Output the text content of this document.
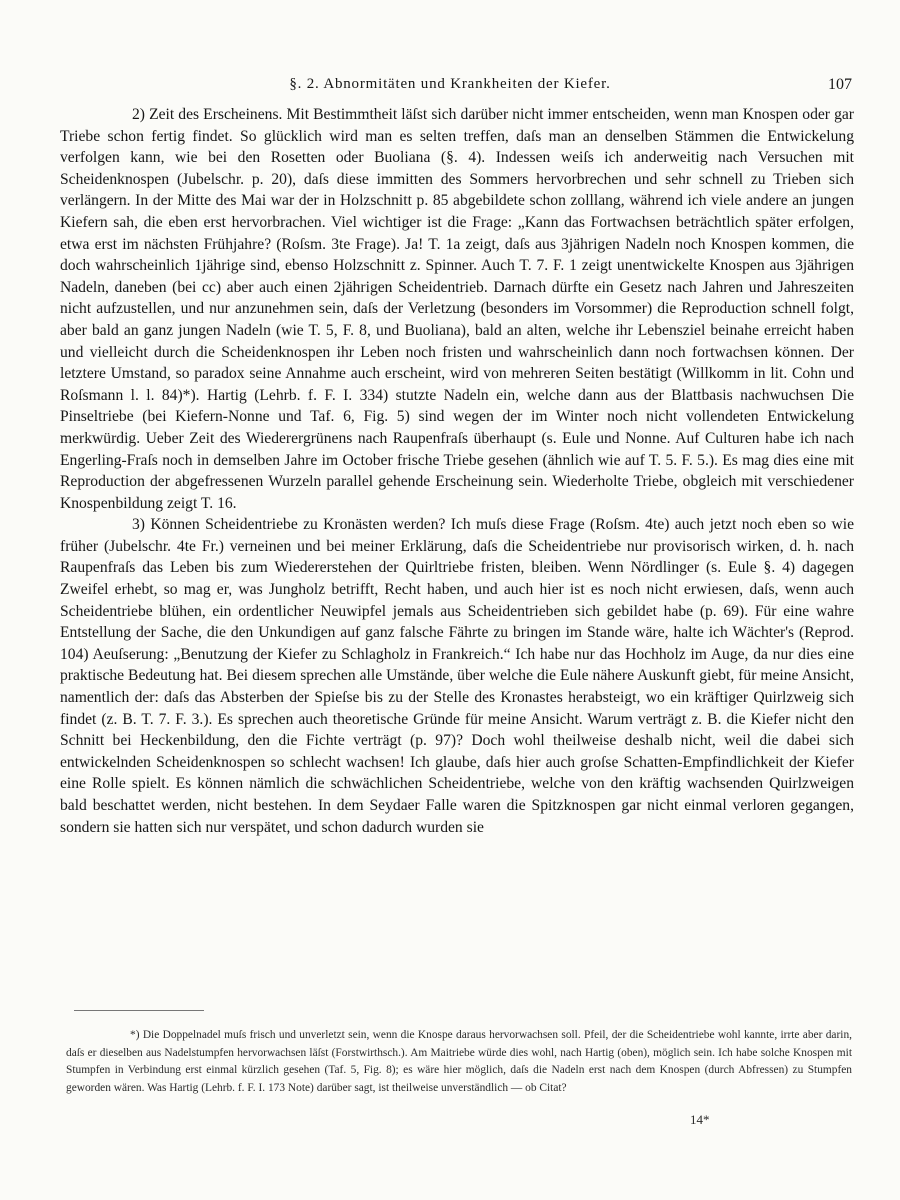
§. 2. Abnormitäten und Krankheiten der Kiefer.	107

2) Zeit des Erscheinens. Mit Bestimmtheit läſst sich darüber nicht immer entscheiden, wenn man Knospen oder gar Triebe schon fertig findet. So glücklich wird man es selten treffen, daſs man an denselben Stämmen die Entwickelung verfolgen kann, wie bei den Rosetten oder Buoliana (§. 4). Indessen weiſs ich anderweitig nach Versuchen mit Scheidenknospen (Jubelschr. p. 20), daſs diese immitten des Sommers hervorbrechen und sehr schnell zu Trieben sich verlängern. In der Mitte des Mai war der in Holzschnitt p. 85 abgebildete schon zolllang, während ich viele andere an jungen Kiefern sah, die eben erst hervorbrachen. Viel wichtiger ist die Frage: „Kann das Fortwachsen beträchtlich später erfolgen, etwa erst im nächsten Frühjahre? (Roſsm. 3te Frage). Ja! T. 1a zeigt, daſs aus 3jährigen Nadeln noch Knospen kommen, die doch wahrscheinlich 1jährige sind, ebenso Holzschnitt z. Spinner. Auch T. 7. F. 1 zeigt unentwickelte Knospen aus 3jährigen Nadeln, daneben (bei cc) aber auch einen 2jährigen Scheidentrieb. Darnach dürfte ein Gesetz nach Jahren und Jahreszeiten nicht aufzustellen, und nur anzunehmen sein, daſs der Verletzung (besonders im Vorsommer) die Reproduction schnell folgt, aber bald an ganz jungen Nadeln (wie T. 5, F. 8, und Buoliana), bald an alten, welche ihr Lebensziel beinahe erreicht haben und vielleicht durch die Scheidenknospen ihr Leben noch fristen und wahrscheinlich dann noch fortwachsen können. Der letztere Umstand, so paradox seine Annahme auch erscheint, wird von mehreren Seiten bestätigt (Willkomm in lit. Cohn und Roſsmann l. l. 84)*). Hartig (Lehrb. f. F. I. 334) stutzte Nadeln ein, welche dann aus der Blattbasis nachwuchsen Die Pinseltriebe (bei Kiefern-Nonne und Taf. 6, Fig. 5) sind wegen der im Winter noch nicht vollendeten Entwickelung merkwürdig. Ueber Zeit des Wiederergrünens nach Raupenfraſs überhaupt (s. Eule und Nonne. Auf Culturen habe ich nach Engerling-Fraſs noch in demselben Jahre im October frische Triebe gesehen (ähnlich wie auf T. 5. F. 5.). Es mag dies eine mit Reproduction der abgefressenen Wurzeln parallel gehende Erscheinung sein. Wiederholte Triebe, obgleich mit verschiedener Knospenbildung zeigt T. 16.

3) Können Scheidentriebe zu Kronästen werden? Ich muſs diese Frage (Roſsm. 4te) auch jetzt noch eben so wie früher (Jubelschr. 4te Fr.) verneinen und bei meiner Erklärung, daſs die Scheidentriebe nur provisorisch wirken, d. h. nach Raupenfraſs das Leben bis zum Wiedererstehen der Quirltriebe fristen, bleiben. Wenn Nördlinger (s. Eule §. 4) dagegen Zweifel erhebt, so mag er, was Jungholz betrifft, Recht haben, und auch hier ist es noch nicht erwiesen, daſs, wenn auch Scheidentriebe blühen, ein ordentlicher Neuwipfel jemals aus Scheidentrieben sich gebildet habe (p. 69). Für eine wahre Entstellung der Sache, die den Unkundigen auf ganz falsche Fährte zu bringen im Stande wäre, halte ich Wächter's (Reprod. 104) Aeuſserung: „Benutzung der Kiefer zu Schlagholz in Frankreich.“ Ich habe nur das Hochholz im Auge, da nur dies eine praktische Bedeutung hat. Bei diesem sprechen alle Umstände, über welche die Eule nähere Auskunft giebt, für meine Ansicht, namentlich der: daſs das Absterben der Spieſse bis zu der Stelle des Kronastes herabsteigt, wo ein kräftiger Quirlzweig sich findet (z. B. T. 7. F. 3.). Es sprechen auch theoretische Gründe für meine Ansicht. Warum verträgt z. B. die Kiefer nicht den Schnitt bei Heckenbildung, den die Fichte verträgt (p. 97)? Doch wohl theilweise deshalb nicht, weil die dabei sich entwickelnden Scheidenknospen so schlecht wachsen! Ich glaube, daſs hier auch groſse Schatten-Empfindlichkeit der Kiefer eine Rolle spielt. Es können nämlich die schwächlichen Scheidentriebe, welche von den kräftig wachsenden Quirlzweigen bald beschattet werden, nicht bestehen. In dem Seydaer Falle waren die Spitzknospen gar nicht einmal verloren gegangen, sondern sie hatten sich nur verspätet, und schon dadurch wurden sie

*) Die Doppelnadel muſs frisch und unverletzt sein, wenn die Knospe daraus hervorwachsen soll. Pfeil, der die Scheidentriebe wohl kannte, irrte aber darin, daſs er dieselben aus Nadelstumpfen hervorwachsen läſst (Forstwirthsch.). Am Maitriebe würde dies wohl, nach Hartig (oben), möglich sein. Ich habe solche Knospen mit Stumpfen in Verbindung erst einmal kürzlich gesehen (Taf. 5, Fig. 8); es wäre hier möglich, daſs die Nadeln erst nach dem Knospen (durch Abfressen) zu Stumpfen geworden wären. Was Hartig (Lehrb. f. F. I. 173 Note) darüber sagt, ist theilweise unverständlich — ob Citat?

14*
